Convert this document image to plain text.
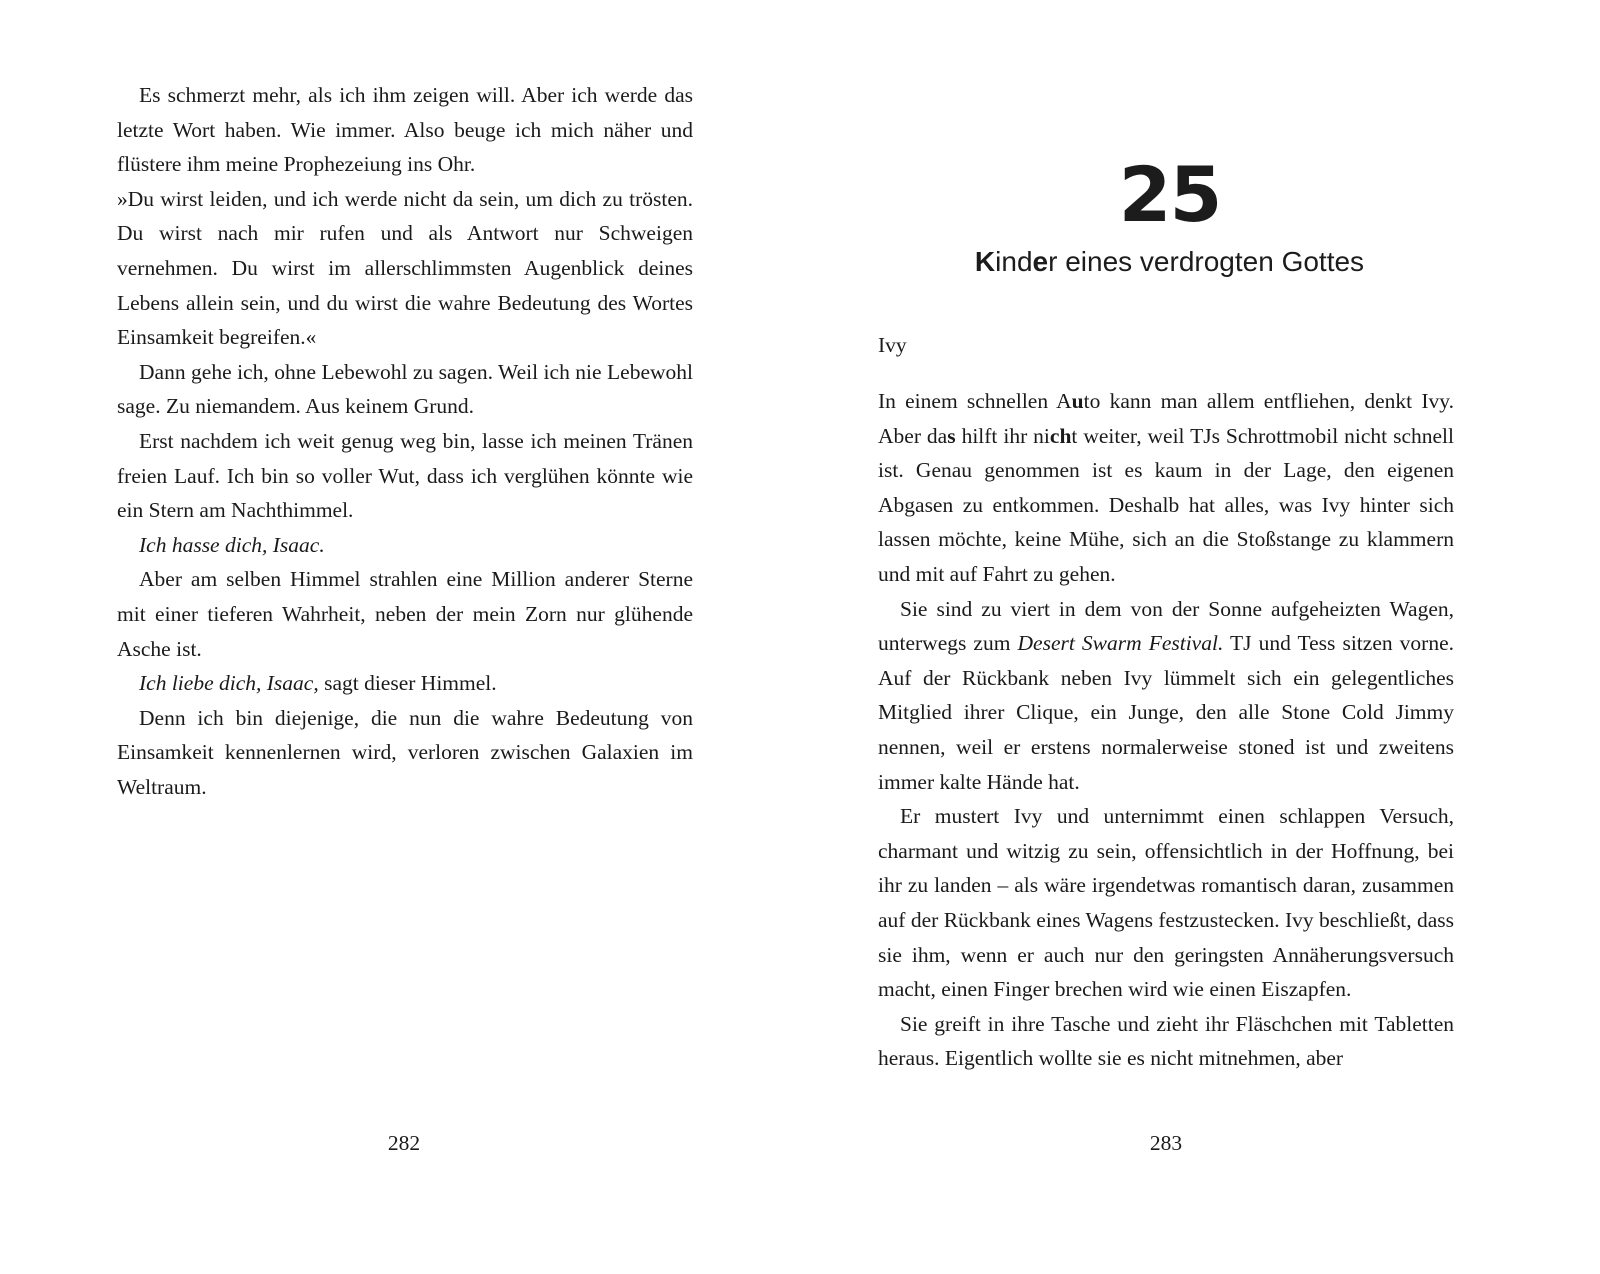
Es schmerzt mehr, als ich ihm zeigen will. Aber ich werde das letzte Wort haben. Wie immer. Also beuge ich mich näher und flüstere ihm meine Prophezeiung ins Ohr.

»Du wirst leiden, und ich werde nicht da sein, um dich zu trösten. Du wirst nach mir rufen und als Antwort nur Schweigen vernehmen. Du wirst im allerschlimmsten Augenblick deines Lebens allein sein, und du wirst die wahre Bedeutung des Wortes Einsamkeit begreifen.«

Dann gehe ich, ohne Lebewohl zu sagen. Weil ich nie Lebewohl sage. Zu niemandem. Aus keinem Grund.

Erst nachdem ich weit genug weg bin, lasse ich meinen Tränen freien Lauf. Ich bin so voller Wut, dass ich verglühen könnte wie ein Stern am Nachthimmel.

Ich hasse dich, Isaac.

Aber am selben Himmel strahlen eine Million anderer Sterne mit einer tieferen Wahrheit, neben der mein Zorn nur glühende Asche ist.

Ich liebe dich, Isaac, sagt dieser Himmel.

Denn ich bin diejenige, die nun die wahre Bedeutung von Einsamkeit kennenlernen wird, verloren zwischen Galaxien im Weltraum.

282
25
Kinder eines verdrogten Gottes
Ivy

In einem schnellen Auto kann man allem entfliehen, denkt Ivy. Aber das hilft ihr nicht weiter, weil TJs Schrottmobil nicht schnell ist. Genau genommen ist es kaum in der Lage, den eigenen Abgasen zu entkommen. Deshalb hat alles, was Ivy hinter sich lassen möchte, keine Mühe, sich an die Stoßstange zu klammern und mit auf Fahrt zu gehen.

Sie sind zu viert in dem von der Sonne aufgeheizten Wagen, unterwegs zum Desert Swarm Festival. TJ und Tess sitzen vorne. Auf der Rückbank neben Ivy lümmelt sich ein gelegentliches Mitglied ihrer Clique, ein Junge, den alle Stone Cold Jimmy nennen, weil er erstens normalerweise stoned ist und zweitens immer kalte Hände hat.

Er mustert Ivy und unternimmt einen schlappen Versuch, charmant und witzig zu sein, offensichtlich in der Hoffnung, bei ihr zu landen – als wäre irgendetwas romantisch daran, zusammen auf der Rückbank eines Wagens festzustecken. Ivy beschließt, dass sie ihm, wenn er auch nur den geringsten Annäherungsversuch macht, einen Finger brechen wird wie einen Eiszapfen.

Sie greift in ihre Tasche und zieht ihr Fläschchen mit Tabletten heraus. Eigentlich wollte sie es nicht mitnehmen, aber

283
